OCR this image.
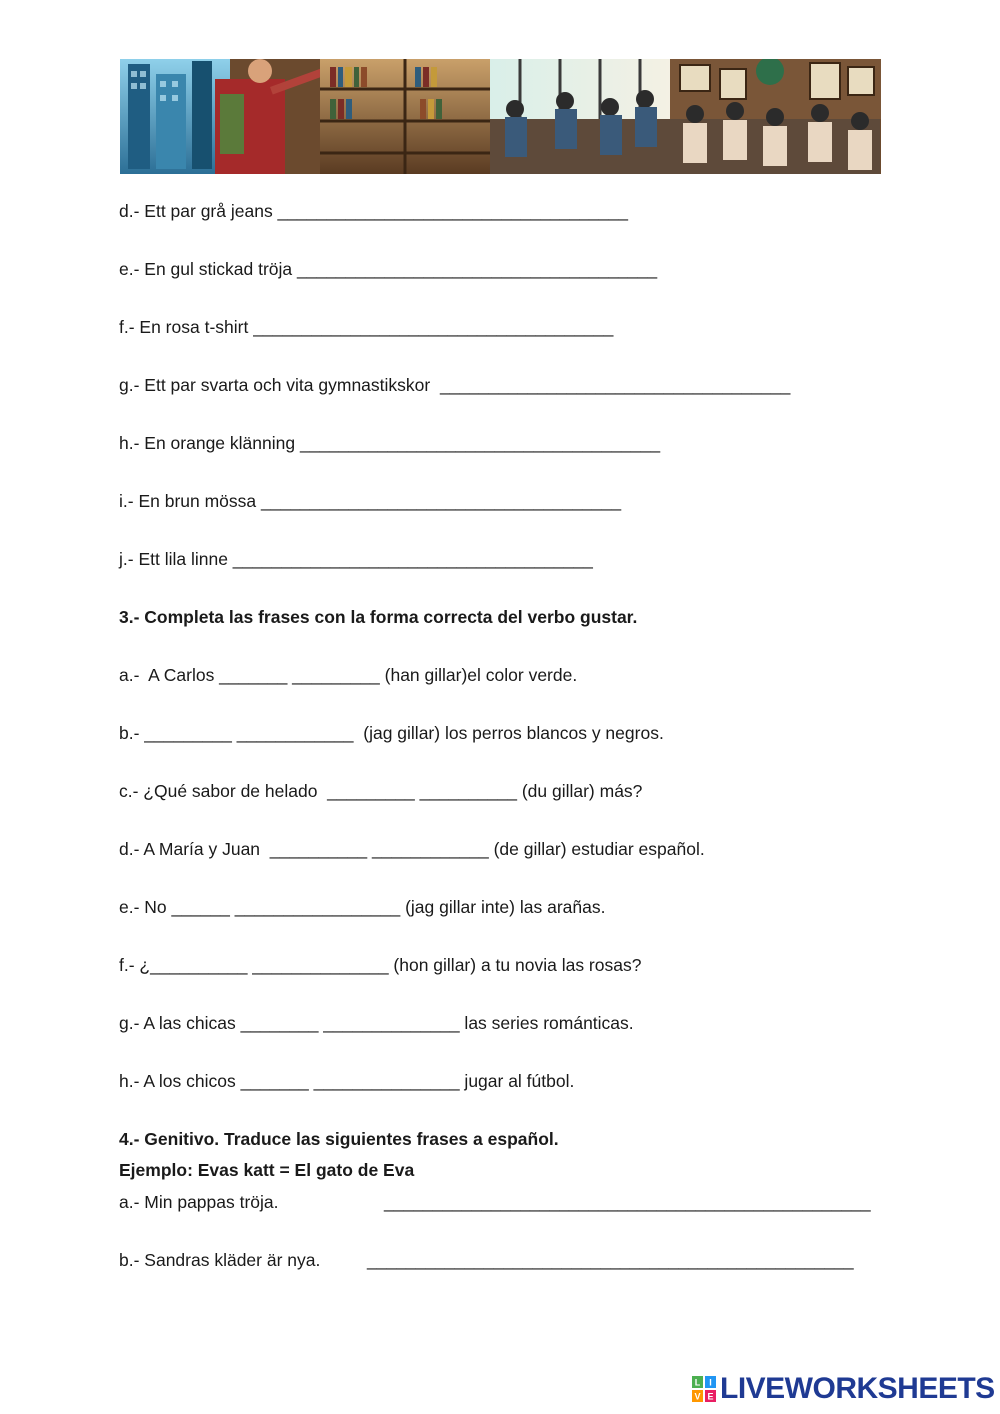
d.- Ett par grå jeans ____________________________________
e.- En gul stickad tröja _____________________________________
f.- En rosa t-shirt _____________________________________
g.- Ett par svarta och vita gymnastikskor  ____________________________________
h.- En orange klänning _____________________________________
i.- En brun mössa _____________________________________
j.- Ett lila linne _____________________________________
3.- Completa las frases con la forma correcta del verbo gustar.
a.-  A Carlos _______ _________ (han gillar)el color verde.
b.- _________ ____________  (jag gillar) los perros blancos y negros.
c.- ¿Qué sabor de helado  _________ __________ (du gillar) más?
d.- A María y Juan  __________ ____________ (de gillar) estudiar español.
e.- No ______ _________________ (jag gillar inte) las arañas.
f.- ¿__________ ______________ (hon gillar) a tu novia las rosas?
g.- A las chicas ________ ______________ las series románticas.
h.- A los chicos _______ _______________ jugar al fútbol.
4.- Genitivo. Traduce las siguientes frases a español.
Ejemplo: Evas katt = El gato de Eva
a.- Min pappas tröja.	__________________________________________________
b.- Sandras kläder är nya.	__________________________________________________
L I
V E LIVEWORKSHEETS
